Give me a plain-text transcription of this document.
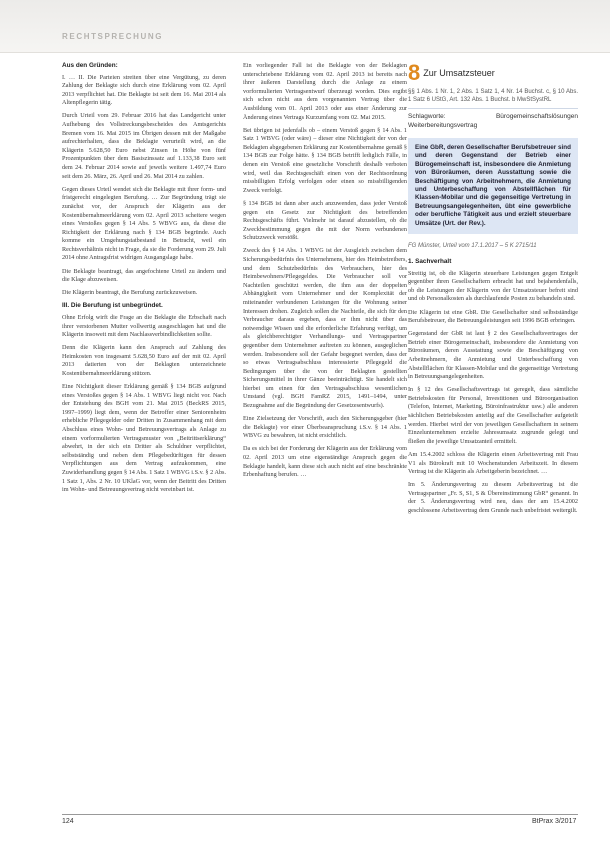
RECHTSPRECHUNG

Aus den Gründen:

I. … II. Die Parteien streiten über eine Vergütung, zu deren Zahlung der Beklagte sich durch eine Erklärung vom 02. April 2013 verpflichtet hat. Die Beklagte ist seit dem 16. Mai 2014 als Altenpflegerin tätig.

Durch Urteil vom 29. Februar 2016 hat das Landgericht unter Aufhebung des Vollstreckungsbescheides des Amtsgerichts Bremen vom 16. Mai 2015 im Übrigen dessen mit der Maßgabe aufrechterhalten, dass die Beklagte verurteilt wird, an die Klägerin 5.628,50 Euro nebst Zinsen in Höhe von fünf Prozentpunkten über dem Basiszinssatz auf 1.133,38 Euro seit dem 24. Februar 2014 sowie auf jeweils weitere 1.497,74 Euro seit dem 26. März, 26. April und 26. Mai 2014 zu zahlen.

Gegen dieses Urteil wendet sich die Beklagte mit ihrer form- und fristgerecht eingelegten Berufung. … Zur Begründung trägt sie zunächst vor, der Anspruch der Klägerin aus der Kostenübernahmeerklärung vom 02. April 2013 scheitere wegen eines Verstoßes gegen § 14 Abs. 5 WBVG aus, da diese die Richtigkeit der Erklärung nach § 134 BGB begründe. Auch komme ein Umgehungstatbestand in Betracht, weil ein Rechtsverhältnis nicht in Frage, da sie die Forderung vom 29. Juli 2014 ohne Antragsfrist widrigen Ausgangslage habe.

Die Beklagte beantragt, das angefochtene Urteil zu ändern und die Klage abzuweisen.

Die Klägerin beantragt, die Berufung zurückzuweisen.

III. Die Berufung ist unbegründet.

Ohne Erfolg wirft die Frage an die Beklagte die Erbschaft nach ihrer verstorbenen Mutter vollwertig ausgeschlagen hat und die Klägerin insoweit mit dem Nachlassverbindlichkeiten sollte.

Denn die Klägerin kann den Anspruch auf Zahlung des Heimkosten von insgesamt 5.628,50 Euro auf der mit 02. April 2013 datierten von der Beklagten unterzeichnete Kostenübernahmeerklärung stützen.

Eine Nichtigkeit dieser Erklärung gemäß § 134 BGB aufgrund eines Verstoßes gegen § 14 Abs. 1 WBVG liegt nicht vor. Nach der Entstehung des BGH vom 21. Mai 2015 (BeckRS 2015, 1997–1999) liegt dem, wenn der Betroffer einer Seniorenheim erhebliche Pflegegelder oder Dritten in Zusammenhang mit dem Abschluss eines Wohn- und Betreuungsvertrags als Anlage zu einem vorformulierten Vertragsmuster von „Beitrittserklärung“ abwehrt, in der sich ein Dritter als Schuldner verpflichtet, selbstständig und neben dem Pflegebedürftigen für dessen Verpflichtungen aus dem Vertrag aufzukommen, eine Zuwiderhandlung gegen § 14 Abs. 1 Satz 1 WBVG i.S.v. § 2 Abs. 1 Satz 1, Abs. 2 Nr. 10 UKlaG vor, wenn der Beitritt des Dritten im Wohn- und Betreuungsvertrag nicht vereinbart ist.

Ein vorliegender Fall ist die Beklagte von der Beklagten unterschriebene Erklärung vom 02. April 2013 ist bereits nach ihrer äußeren Darstellung durch die Anlage zu einem vorformulierten Vertragsentwurf überzeugt worden. Dies ergibt sich schon nicht aus dem vorgenannten Vertrag über die Ausbildung vom 01. April 2013 oder aus einer Änderung zur Änderung eines Vertrags Kurzumfang vom 02. Mai 2015.

Bei übrigen ist jedenfalls ob – einem Verstoß gegen § 14 Abs. 1 Satz 1 WBVG (oder wäre) – dieser eine Nichtigkeit der von der Beklagten abgegebenen Erklärung zur Kostenübernahme gemäß § 134 BGB zur Folge hätte. § 134 BGB betrifft lediglich Fälle, in denen ein Verstoß eine gesetzliche Vorschrift deshalb verboten wird, weil das Rechtsgeschäft einen von der Rechtsordnung missbilligten Erfolg verfolgen oder einen so missbilligenden Zweck verfolgt.

§ 134 BGB ist dann aber auch anzuwenden, dass jeder Verstoß gegen ein Gesetz zur Nichtigkeit des betreffenden Rechtsgeschäfts führt. Vielmehr ist darauf abzustellen, ob die Zweckbestimmung gegen die mit der Norm verbundenen Schutzzweck verstößt.

Zweck des § 14 Abs. 1 WBVG ist der Ausgleich zwischen dem Sicherungsbedürfnis des Unternehmens, hier des Heimbetreibers, und dem Schutzbedürfnis des Verbrauchers, hier des Heimbewohners/Pflegegeldes. Die Verbraucher soll vor Nachteilen geschützt werden, die ihm aus der doppelten Abhängigkeit vom Unternehmer und der Komplexität der miteinander verbundenen Leistungen für die Wohnung seiner Interessen drohen. Zugleich sollen die Nachteile, die sich für den Verbraucher daraus ergeben, dass er ihm nicht über das notwendige Wissen und die erforderliche Erfahrung verfügt, um als gleichberechtigter Verhandlungs- und Vertragspartner gegenüber dem Unternehmer auftreten zu können, ausgeglichen werden. Insbesondere soll der Gefahr begegnet werden, dass der so etwas Vertragsabschluss interessierte Pflegegeld die Bedingungen über die von der Beklagten gestellten Sicherungsmittel in ihrer Gänze beeinträchtigt. Sie handelt sich hierbei um einen für den Vertragsabschluss wesentlichen Umstand (vgl. BGH FamRZ 2015, 1491–1494, unter Bezugnahme auf die Begründung der Gesetzesentwurfs).

Eine Zielsetzung der Vorschrift, auch den Sicherungsgeber (hier die Beklagte) vor einer Überbeanspruchung i.S.v. § 14 Abs. 1 WBVG zu bewahren, ist nicht ersichtlich.

Da es sich bei der Forderung der Klägerin aus der Erklärung vom 02. April 2013 um eine eigenständige Anspruch gegen die Beklagte handelt, kann diese sich auch nicht auf eine beschränkte Erbenhaftung berufen. …

8 Zur Umsatzsteuer
§§ 1 Abs. 1 Nr. 1, 2 Abs. 1 Satz 1, 4 Nr. 14 Buchst. c, § 10 Abs. 1 Satz 6 UStG, Art. 132 Abs. 1 Buchst. b MwStSystRL
Schlagworte: Bürogemeinschaftslösungen Weiterbereitungsvertrag
Eine GbR, deren Gesellschafter Berufsbetreuer sind und deren Gegenstand der Betrieb einer Bürogemeinschaft ist, insbesondere die Anmietung von Büroräumen, deren Ausstattung sowie die Beschäftigung von Arbeitnehmern, die Anmietung und Unterbeschaffung von Abstellflächen für Klassen-Mobilar und die gegenseitige Vertretung in Betreuungsangelegenheiten, übt eine gewerbliche oder berufliche Tätigkeit aus und erzielt steuerbare Umsätze (Urt. der Rev.).
FG Münster, Urteil vom 17.1.2017 – 5 K 2715/11

1. Sachverhalt

Streitig ist, ob die Klägerin steuerbare Leistungen gegen Entgelt gegenüber ihren Gesellschaftern erbracht hat und bejahendenfalls, ob die Leistungen der Klägerin von der Umsatzsteuer befreit sind und ob Personalkosten als durchlaufende Posten zu behandeln sind.

Die Klägerin ist eine GbR. Die Gesellschafter sind selbstständige Berufsbetreuer, die Betreuungsleistungen seit 1996 BGB erbringen.

Gegenstand der GbR ist laut § 2 des Gesellschaftsvertrages der Betrieb einer Bürogemeinschaft, insbesondere die Anmietung von Büroräumen, deren Ausstattung sowie die Beschäftigung von Arbeitnehmern, die Anmietung und Unterbeschaffung von Abstellflächen für Klassen-Mobilar und die gegenseitige Vertretung in Betreuungsangelegenheiten.

In § 12 des Gesellschaftsvertrags ist geregelt, dass sämtliche Betriebskosten für Personal, Investitionen und Büroorganisation (Telefon, Internet, Marketing, Büroinfrastruktur usw.) alle anderen sächlichen Betriebskosten anteilig auf die Gesellschafter aufgeteilt werden. Hierbei wird der von jeweiligen Gesellschaftern in seinem Einzelunternehmen erzielte Jahresumsatz zugrunde gelegt und fließen die jeweilige Umsatzanteil ermittelt.

Am 15.4.2002 schloss die Klägerin einen Arbeitsvertrag mit Frau V1 als Bürokraft mit 10 Wochenstunden Arbeitszeit. In diesem Vertrag ist die Klägerin als Arbeitgeberin bezeichnet. …

Im 5. Änderungsvertrag zu diesem Arbeitsvertrag ist die Vertragspartner „Fr. S, S1, S & Übereinstimmung GbR“ genannt. In der 5. Änderungsvertrag wird neu, dass der am 15.4.2002 geschlossene Arbeitsvertrag dem Grunde nach unbefristet weitergilt.

124	BtPrax 3/2017
